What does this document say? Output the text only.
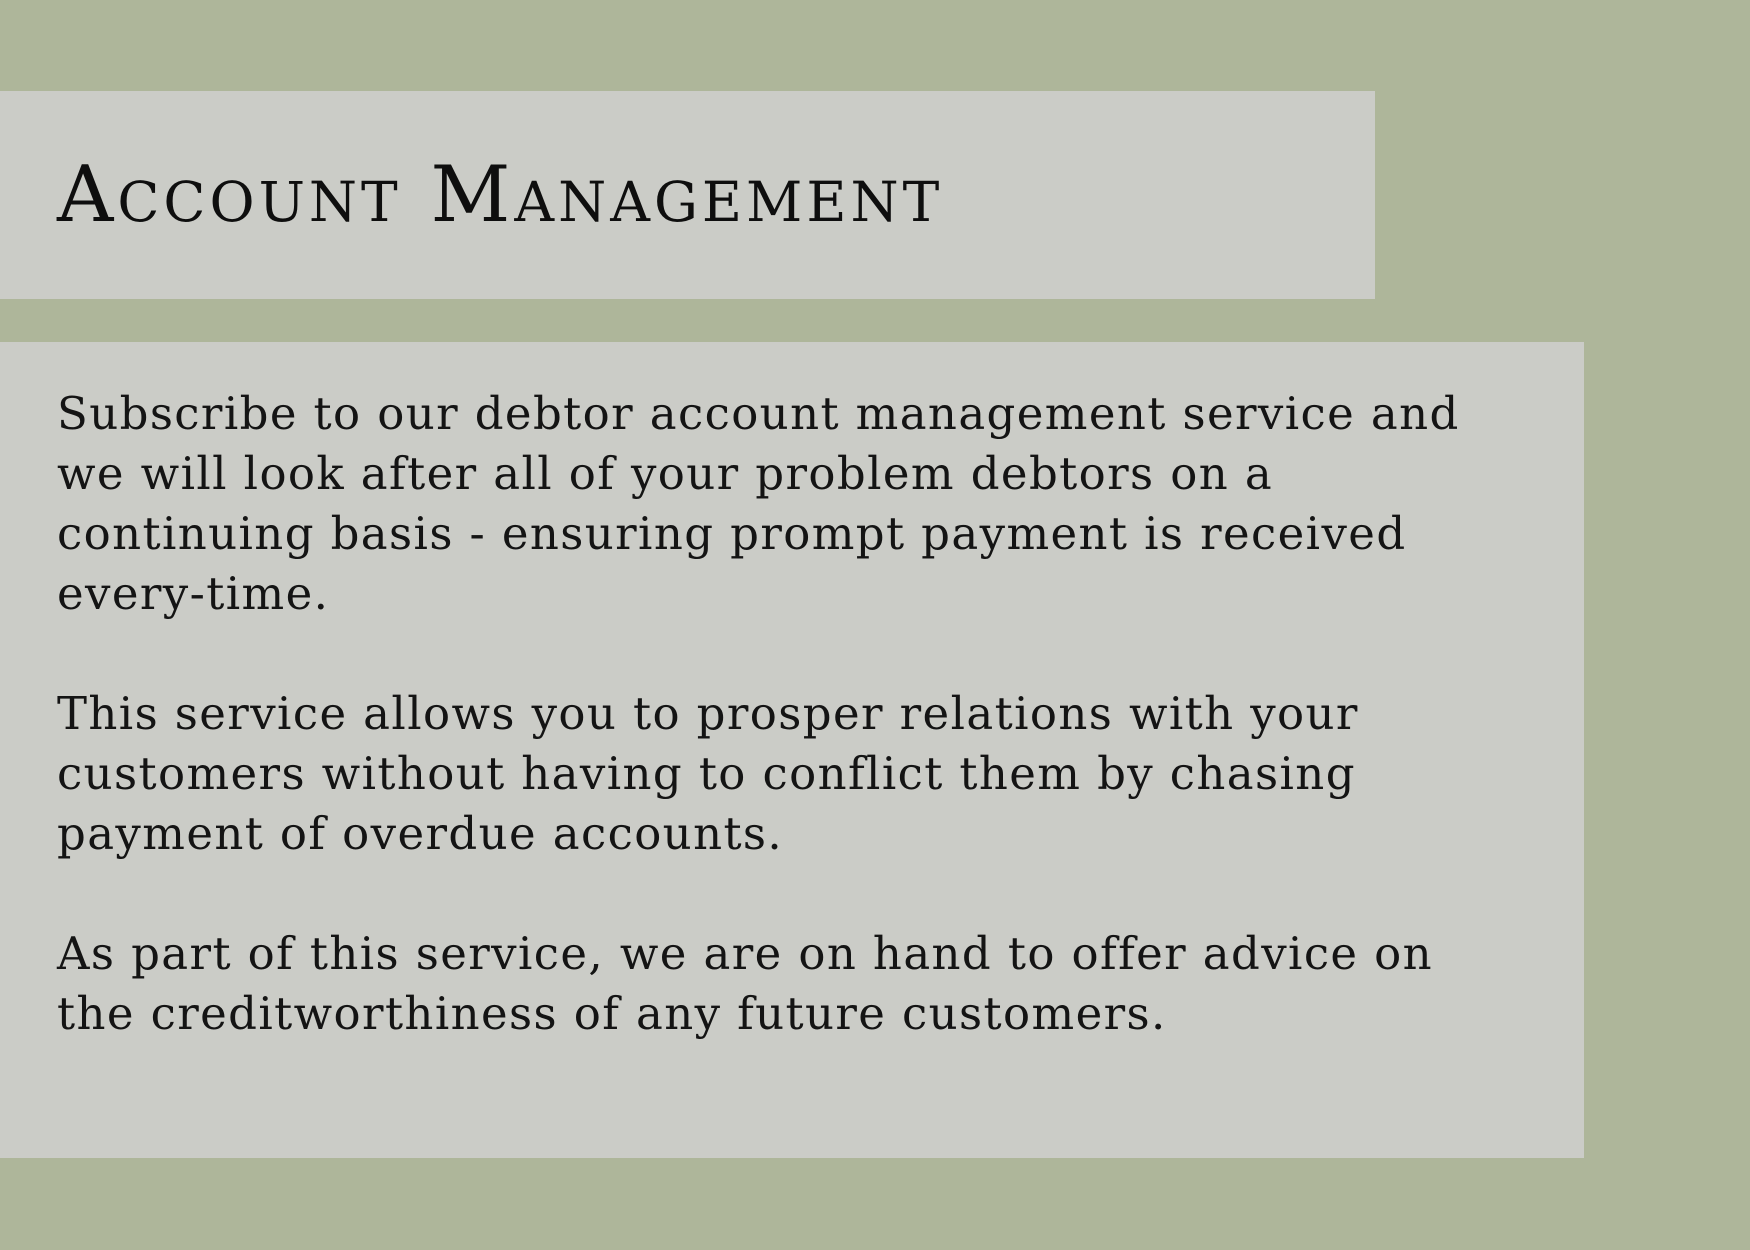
Account Management

Subscribe to our debtor account management service and we will look after all of your problem debtors on a continuing basis - ensuring prompt payment is received every-time.

This service allows you to prosper relations with your customers without having to conflict them by chasing payment of overdue accounts.

As part of this service, we are on hand to offer advice on the creditworthiness of any future customers.
